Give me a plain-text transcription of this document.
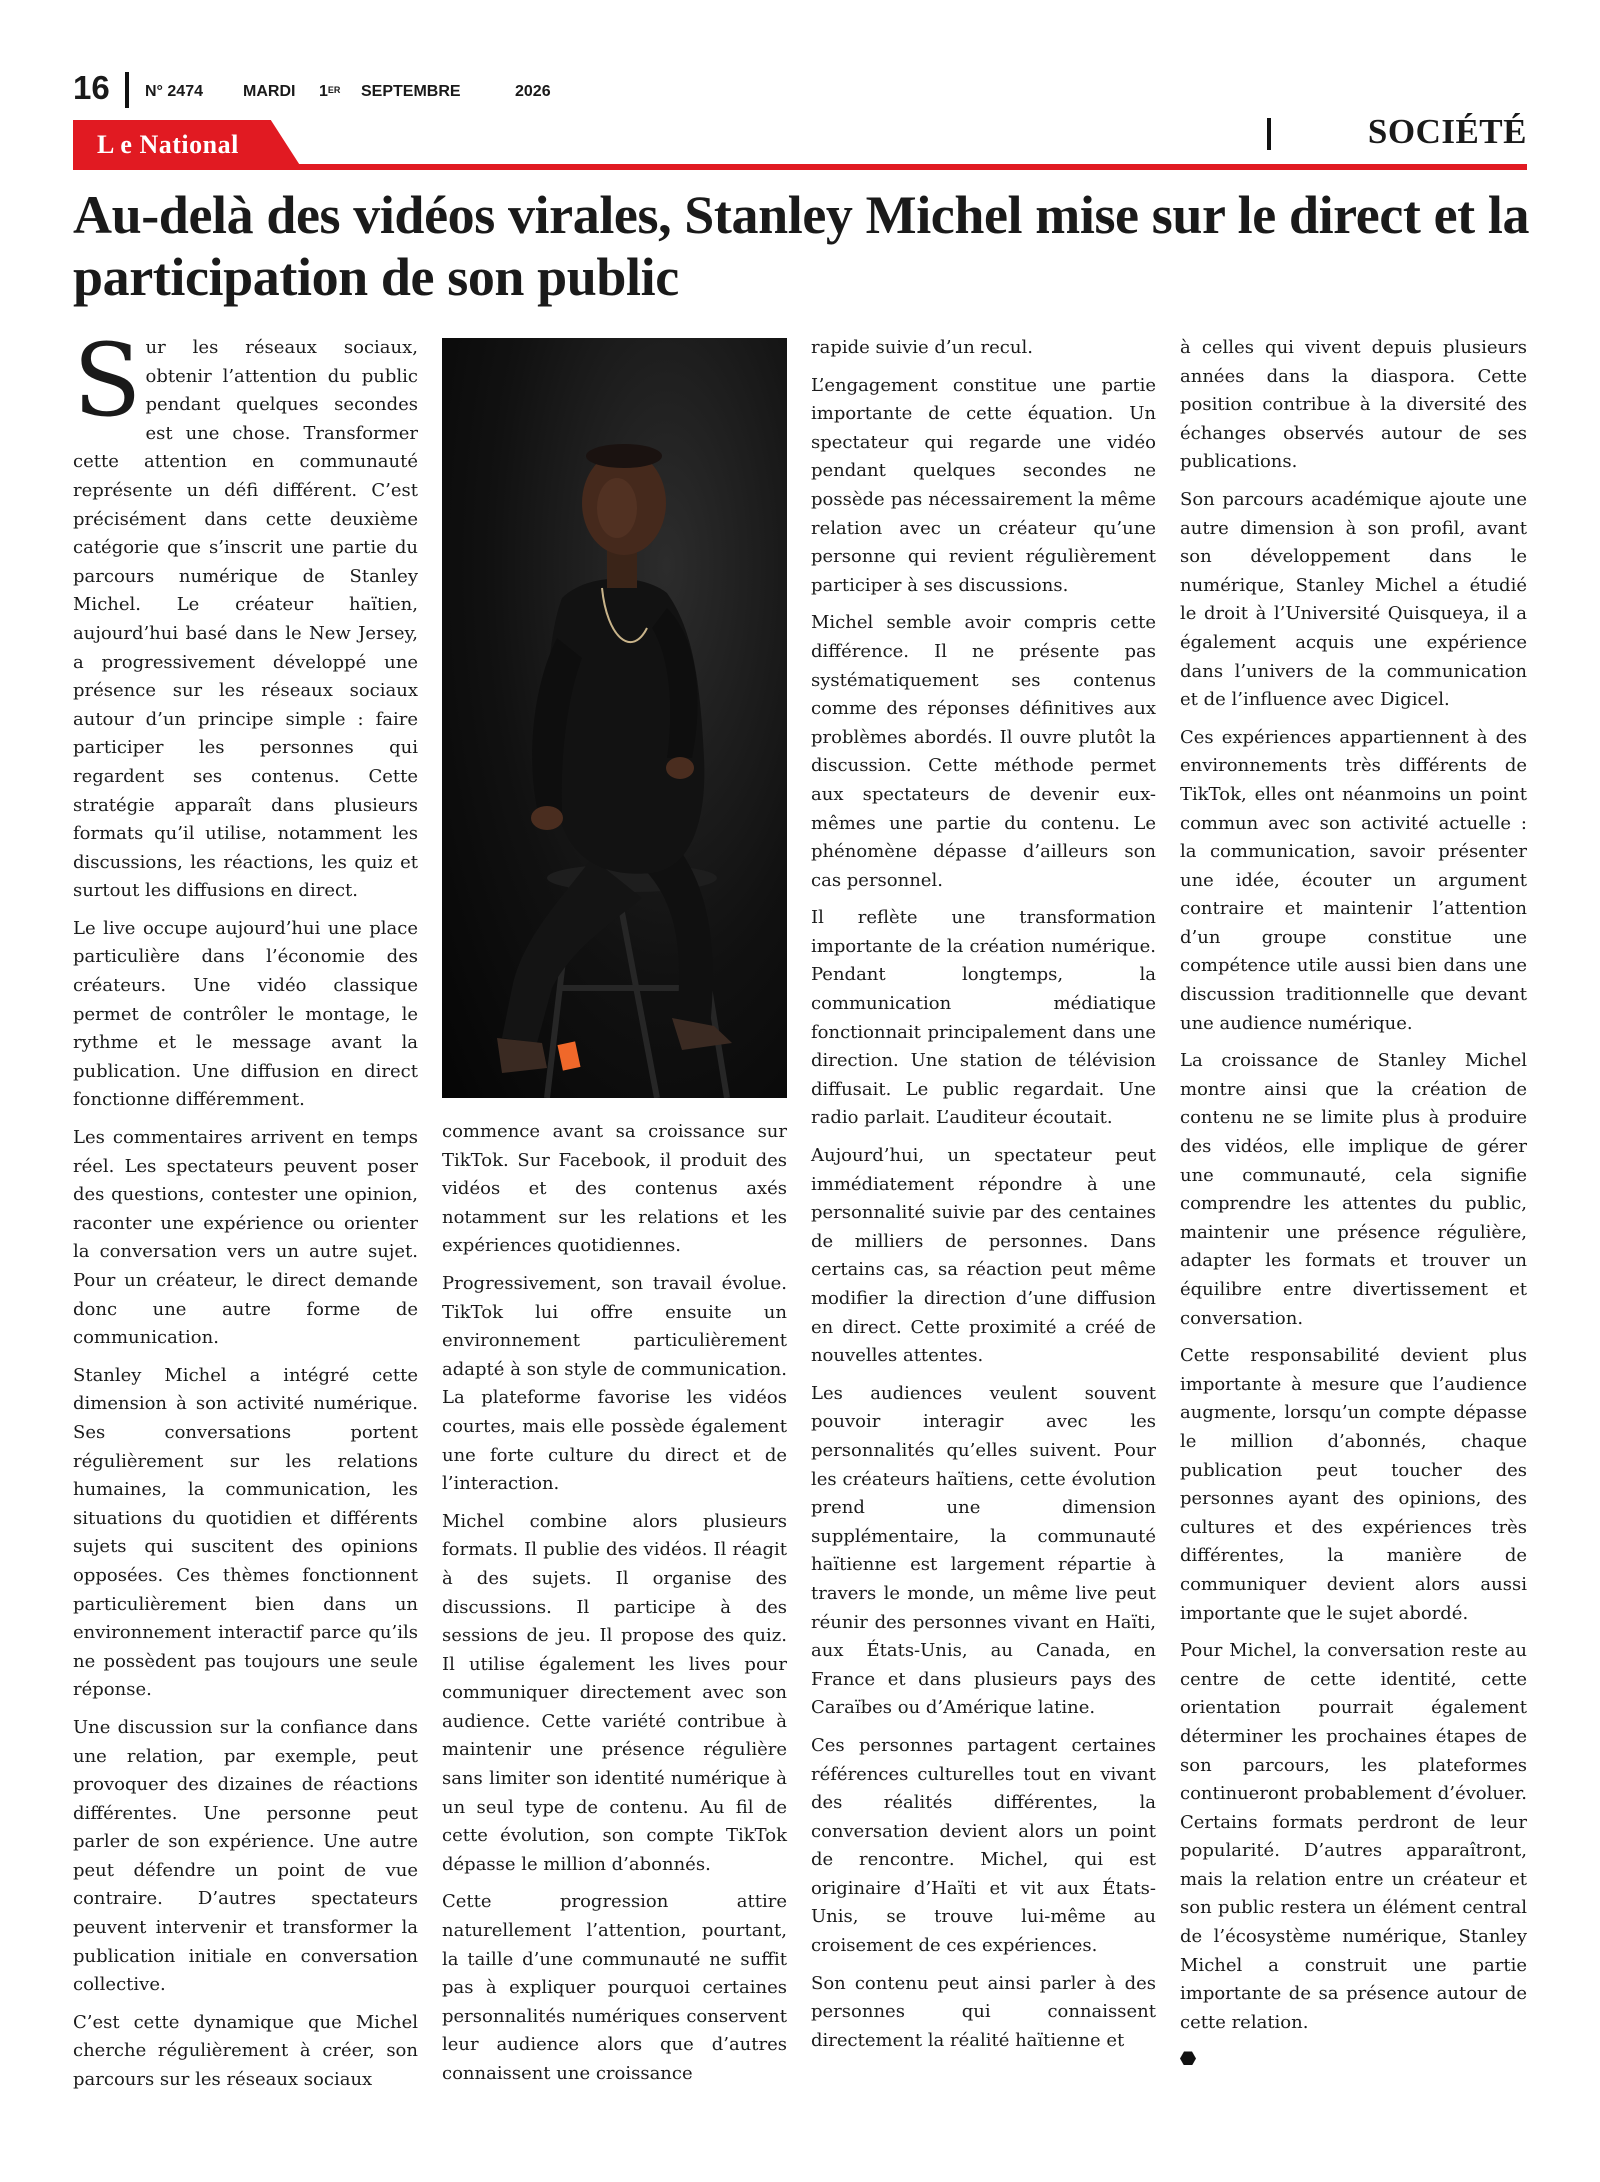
16 N° 2474	MARDI 1ER SEPTEMBRE	2026
L e National	SOCIÉTÉ
Au-delà des vidéos virales, Stanley Michel mise sur le direct et la participation de son public

Sur les réseaux sociaux, obtenir l’attention du public pendant quelques secondes est une chose. Transformer cette attention en communauté représente un défi différent. C’est précisément dans cette deuxième catégorie que s’inscrit une partie du parcours numérique de Stanley Michel. Le créateur haïtien, aujourd’hui basé dans le New Jersey, a progressivement développé une présence sur les réseaux sociaux autour d’un principe simple : faire participer les personnes qui regardent ses contenus. Cette stratégie apparaît dans plusieurs formats qu’il utilise, notamment les discussions, les réactions, les quiz et surtout les diffusions en direct.

Le live occupe aujourd’hui une place particulière dans l’économie des créateurs. Une vidéo classique permet de contrôler le montage, le rythme et le message avant la publication. Une diffusion en direct fonctionne différemment.

Les commentaires arrivent en temps réel. Les spectateurs peuvent poser des questions, contester une opinion, raconter une expérience ou orienter la conversation vers un autre sujet. Pour un créateur, le direct demande donc une autre forme de communication.

Stanley Michel a intégré cette dimension à son activité numérique. Ses conversations portent régulièrement sur les relations humaines, la communication, les situations du quotidien et différents sujets qui suscitent des opinions opposées. Ces thèmes fonctionnent particulièrement bien dans un environnement interactif parce qu’ils ne possèdent pas toujours une seule réponse.

Une discussion sur la confiance dans une relation, par exemple, peut provoquer des dizaines de réactions différentes. Une personne peut parler de son expérience. Une autre peut défendre un point de vue contraire. D’autres spectateurs peuvent intervenir et transformer la publication initiale en conversation collective.

C’est cette dynamique que Michel cherche régulièrement à créer, son parcours sur les réseaux sociaux

commence avant sa croissance sur TikTok. Sur Facebook, il produit des vidéos et des contenus axés notamment sur les relations et les expériences quotidiennes.

Progressivement, son travail évolue. TikTok lui offre ensuite un environnement particulièrement adapté à son style de communication. La plateforme favorise les vidéos courtes, mais elle possède également une forte culture du direct et de l’interaction.

Michel combine alors plusieurs formats. Il publie des vidéos. Il réagit à des sujets. Il organise des discussions. Il participe à des sessions de jeu. Il propose des quiz. Il utilise également les lives pour communiquer directement avec son audience. Cette variété contribue à maintenir une présence régulière sans limiter son identité numérique à un seul type de contenu. Au fil de cette évolution, son compte TikTok dépasse le million d’abonnés.

Cette progression attire naturellement l’attention, pourtant, la taille d’une communauté ne suffit pas à expliquer pourquoi certaines personnalités numériques conservent leur audience alors que d’autres connaissent une croissance

rapide suivie d’un recul.

L’engagement constitue une partie importante de cette équation. Un spectateur qui regarde une vidéo pendant quelques secondes ne possède pas nécessairement la même relation avec un créateur qu’une personne qui revient régulièrement participer à ses discussions.

Michel semble avoir compris cette différence. Il ne présente pas systématiquement ses contenus comme des réponses définitives aux problèmes abordés. Il ouvre plutôt la discussion. Cette méthode permet aux spectateurs de devenir eux-mêmes une partie du contenu. Le phénomène dépasse d’ailleurs son cas personnel.

Il reflète une transformation importante de la création numérique. Pendant longtemps, la communication médiatique fonctionnait principalement dans une direction. Une station de télévision diffusait. Le public regardait. Une radio parlait. L’auditeur écoutait.

Aujourd’hui, un spectateur peut immédiatement répondre à une personnalité suivie par des centaines de milliers de personnes. Dans certains cas, sa réaction peut même modifier la direction d’une diffusion en direct. Cette proximité a créé de nouvelles attentes.

Les audiences veulent souvent pouvoir interagir avec les personnalités qu’elles suivent. Pour les créateurs haïtiens, cette évolution prend une dimension supplémentaire, la communauté haïtienne est largement répartie à travers le monde, un même live peut réunir des personnes vivant en Haïti, aux États-Unis, au Canada, en France et dans plusieurs pays des Caraïbes ou d’Amérique latine.

Ces personnes partagent certaines références culturelles tout en vivant des réalités différentes, la conversation devient alors un point de rencontre. Michel, qui est originaire d’Haïti et vit aux États-Unis, se trouve lui-même au croisement de ces expériences.

Son contenu peut ainsi parler à des personnes qui connaissent directement la réalité haïtienne et

à celles qui vivent depuis plusieurs années dans la diaspora. Cette position contribue à la diversité des échanges observés autour de ses publications.

Son parcours académique ajoute une autre dimension à son profil, avant son développement dans le numérique, Stanley Michel a étudié le droit à l’Université Quisqueya, il a également acquis une expérience dans l’univers de la communication et de l’influence avec Digicel.

Ces expériences appartiennent à des environnements très différents de TikTok, elles ont néanmoins un point commun avec son activité actuelle : la communication, savoir présenter une idée, écouter un argument contraire et maintenir l’attention d’un groupe constitue une compétence utile aussi bien dans une discussion traditionnelle que devant une audience numérique.

La croissance de Stanley Michel montre ainsi que la création de contenu ne se limite plus à produire des vidéos, elle implique de gérer une communauté, cela signifie comprendre les attentes du public, maintenir une présence régulière, adapter les formats et trouver un équilibre entre divertissement et conversation.

Cette responsabilité devient plus importante à mesure que l’audience augmente, lorsqu’un compte dépasse le million d’abonnés, chaque publication peut toucher des personnes ayant des opinions, des cultures et des expériences très différentes, la manière de communiquer devient alors aussi importante que le sujet abordé.

Pour Michel, la conversation reste au centre de cette identité, cette orientation pourrait également déterminer les prochaines étapes de son parcours, les plateformes continueront probablement d’évoluer. Certains formats perdront de leur popularité. D’autres apparaîtront, mais la relation entre un créateur et son public restera un élément central de l’écosystème numérique, Stanley Michel a construit une partie importante de sa présence autour de cette relation.
